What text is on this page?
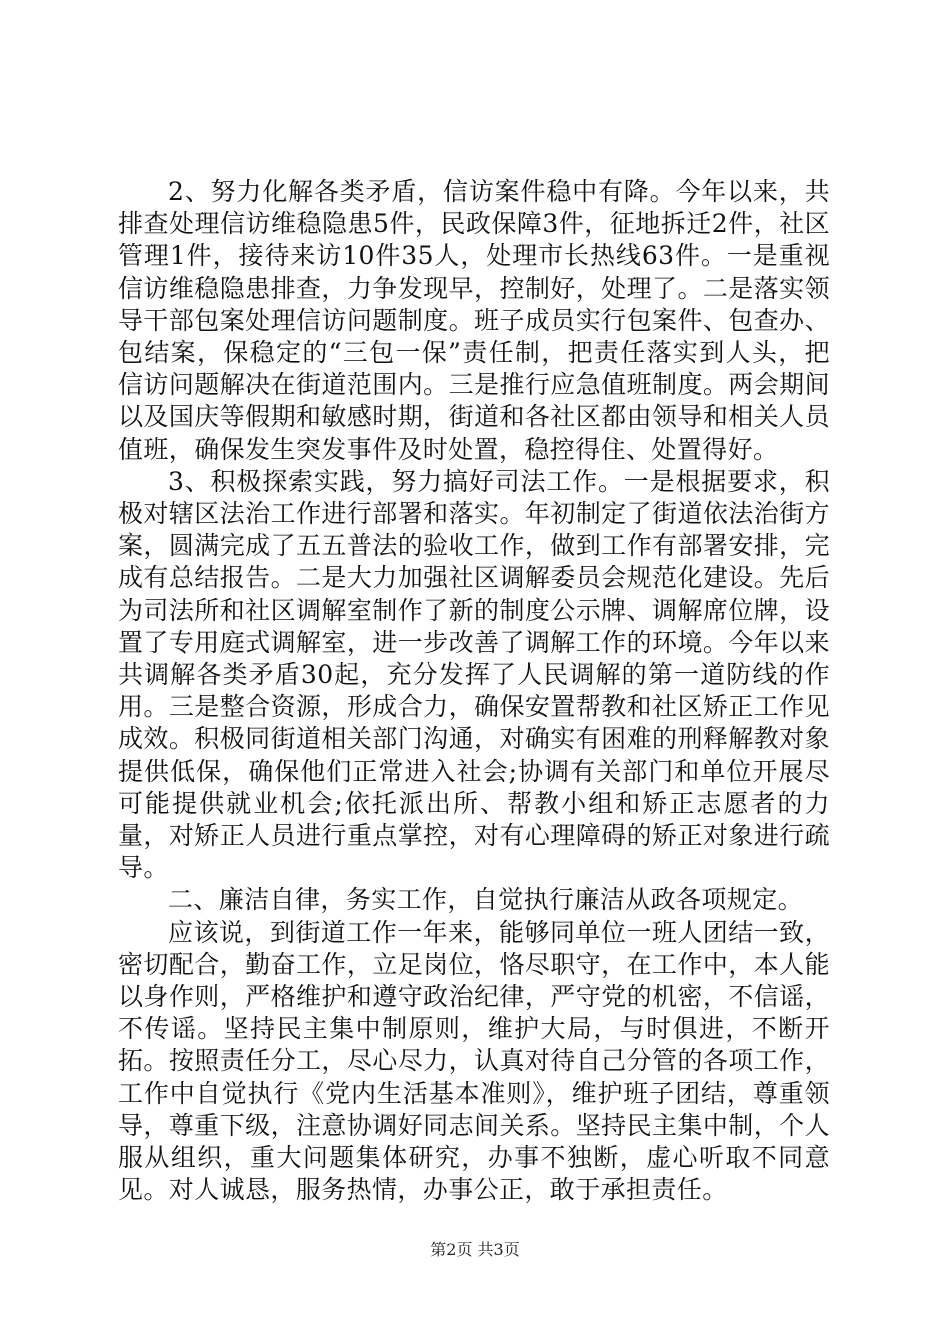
2、努力化解各类矛盾，信访案件稳中有降。今年以来，共排查处理信访维稳隐患5件，民政保障3件，征地拆迁2件，社区管理1件，接待来访10件35人，处理市长热线63件。一是重视信访维稳隐患排查，力争发现早，控制好，处理了。二是落实领导干部包案处理信访问题制度。班子成员实行包案件、包查办、包结案，保稳定的“三包一保”责任制，把责任落实到人头，把信访问题解决在街道范围内。三是推行应急值班制度。两会期间以及国庆等假期和敏感时期，街道和各社区都由领导和相关人员值班，确保发生突发事件及时处置，稳控得住、处置得好。

3、积极探索实践，努力搞好司法工作。一是根据要求，积极对辖区法治工作进行部署和落实。年初制定了街道依法治街方案，圆满完成了五五普法的验收工作，做到工作有部署安排，完成有总结报告。二是大力加强社区调解委员会规范化建设。先后为司法所和社区调解室制作了新的制度公示牌、调解席位牌，设置了专用庭式调解室，进一步改善了调解工作的环境。今年以来共调解各类矛盾30起，充分发挥了人民调解的第一道防线的作用。三是整合资源，形成合力，确保安置帮教和社区矫正工作见成效。积极同街道相关部门沟通，对确实有困难的刑释解教对象提供低保，确保他们正常进入社会;协调有关部门和单位开展尽可能提供就业机会;依托派出所、帮教小组和矫正志愿者的力量，对矫正人员进行重点掌控，对有心理障碍的矫正对象进行疏导。

二、廉洁自律，务实工作，自觉执行廉洁从政各项规定。

应该说，到街道工作一年来，能够同单位一班人团结一致，密切配合，勤奋工作，立足岗位，恪尽职守，在工作中，本人能以身作则，严格维护和遵守政治纪律，严守党的机密，不信谣，不传谣。坚持民主集中制原则，维护大局，与时俱进，不断开拓。按照责任分工，尽心尽力，认真对待自己分管的各项工作，工作中自觉执行《党内生活基本准则》，维护班子团结，尊重领导，尊重下级，注意协调好同志间关系。坚持民主集中制，个人服从组织，重大问题集体研究，办事不独断，虚心听取不同意见。对人诚恳，服务热情，办事公正，敢于承担责任。

第2页 共3页
